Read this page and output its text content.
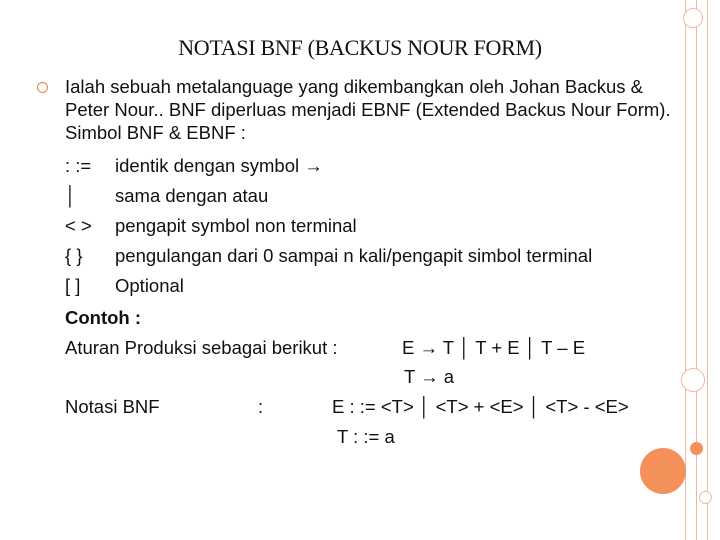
NOTASI BNF (BACKUS NOUR FORM)
Ialah sebuah metalanguage yang dikembangkan oleh Johan Backus & Peter Nour.. BNF diperluas menjadi EBNF (Extended Backus Nour Form). Simbol BNF & EBNF :
: := identik dengan symbol →
│ sama dengan atau
< > pengapit symbol non terminal
{ } pengulangan dari 0 sampai n kali/pengapit simbol terminal
[ ] Optional
Contoh :
Aturan Produksi sebagai berikut :	E → T │ T + E │ T – E
T → a
Notasi BNF	:	E : := <T> │ <T> + <E> │ <T> - <E>
T : := a
